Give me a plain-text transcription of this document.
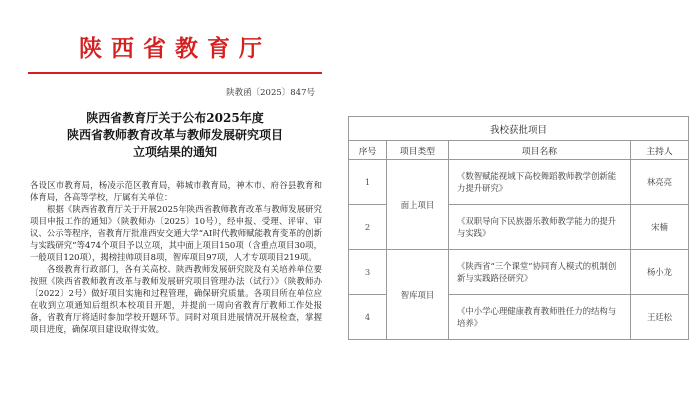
陕西省教育厅
陕教函〔2025〕847号
陕西省教育厅关于公布2025年度
陕西省教师教育改革与教师发展研究项目
立项结果的通知

各设区市教育局，杨凌示范区教育局，韩城市教育局，神木市、府谷县教育和体育局，各高等学校，厅属有关单位：

根据《陕西省教育厅关于开展2025年陕西省教师教育改革与教师发展研究项目申报工作的通知》（陕教师办〔2025〕10号），经申报、受理、评审、审议、公示等程序，省教育厅批准西安交通大学“AI时代教师赋能教育变革的创新与实践研究”等474个项目予以立项，其中面上项目150项（含重点项目30项，一般项目120项），揭榜挂帅项目8项，智库项目97项，人才专项项目219项。

各级教育行政部门，各有关高校、陕西教师发展研究院及有关培养单位要按照《陕西省教师教育改革与教师发展研究项目管理办法（试行）》（陕教师办〔2022〕2号）做好项目实施和过程管理，确保研究质量。各项目所在单位应在收到立项通知后组织本校项目开题，并提前一周向省教育厅教师工作处报备，省教育厅将适时参加学校开题环节。同时对项目进展情况开展检查，掌握项目进度，确保项目建设取得实效。

我校获批项目			
序号	项目类型	项目名称	主持人
1	面上项目	《数智赋能视域下高校舞蹈教师教学创新能力提升研究》	林亮亮
2		《双职导向下民族器乐教师教学能力的提升与实践》	宋楠
3	智库项目	《陕西省“三个课堂”协同育人模式的机制创新与实践路径研究》	杨小龙
4		《中小学心理健康教育教师胜任力的结构与培养》	王廷松
